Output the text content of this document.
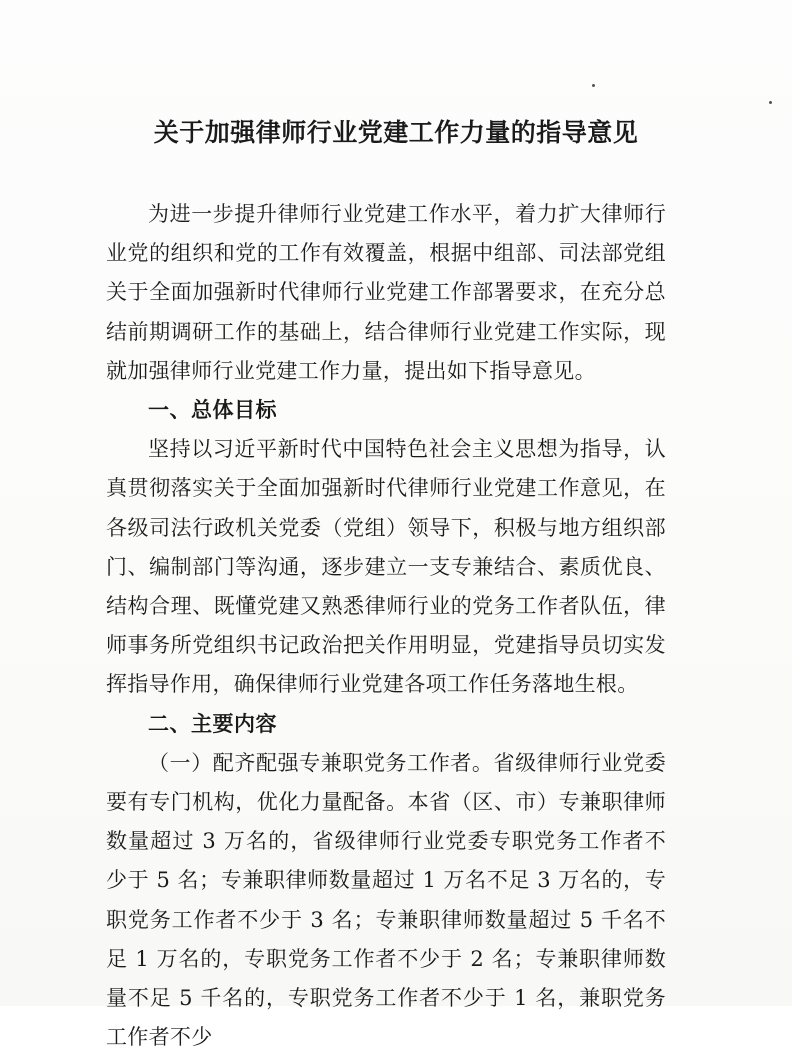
关于加强律师行业党建工作力量的指导意见

为进一步提升律师行业党建工作水平，着力扩大律师行业党的组织和党的工作有效覆盖，根据中组部、司法部党组关于全面加强新时代律师行业党建工作部署要求，在充分总结前期调研工作的基础上，结合律师行业党建工作实际，现就加强律师行业党建工作力量，提出如下指导意见。

一、总体目标

坚持以习近平新时代中国特色社会主义思想为指导，认真贯彻落实关于全面加强新时代律师行业党建工作意见，在各级司法行政机关党委（党组）领导下，积极与地方组织部门、编制部门等沟通，逐步建立一支专兼结合、素质优良、结构合理、既懂党建又熟悉律师行业的党务工作者队伍，律师事务所党组织书记政治把关作用明显，党建指导员切实发挥指导作用，确保律师行业党建各项工作任务落地生根。

二、主要内容

（一）配齐配强专兼职党务工作者。省级律师行业党委要有专门机构，优化力量配备。本省（区、市）专兼职律师数量超过 3 万名的，省级律师行业党委专职党务工作者不少于 5 名；专兼职律师数量超过 1 万名不足 3 万名的，专职党务工作者不少于 3 名；专兼职律师数量超过 5 千名不足 1 万名的，专职党务工作者不少于 2 名；专兼职律师数量不足 5 千名的，专职党务工作者不少于 1 名，兼职党务工作者不少
